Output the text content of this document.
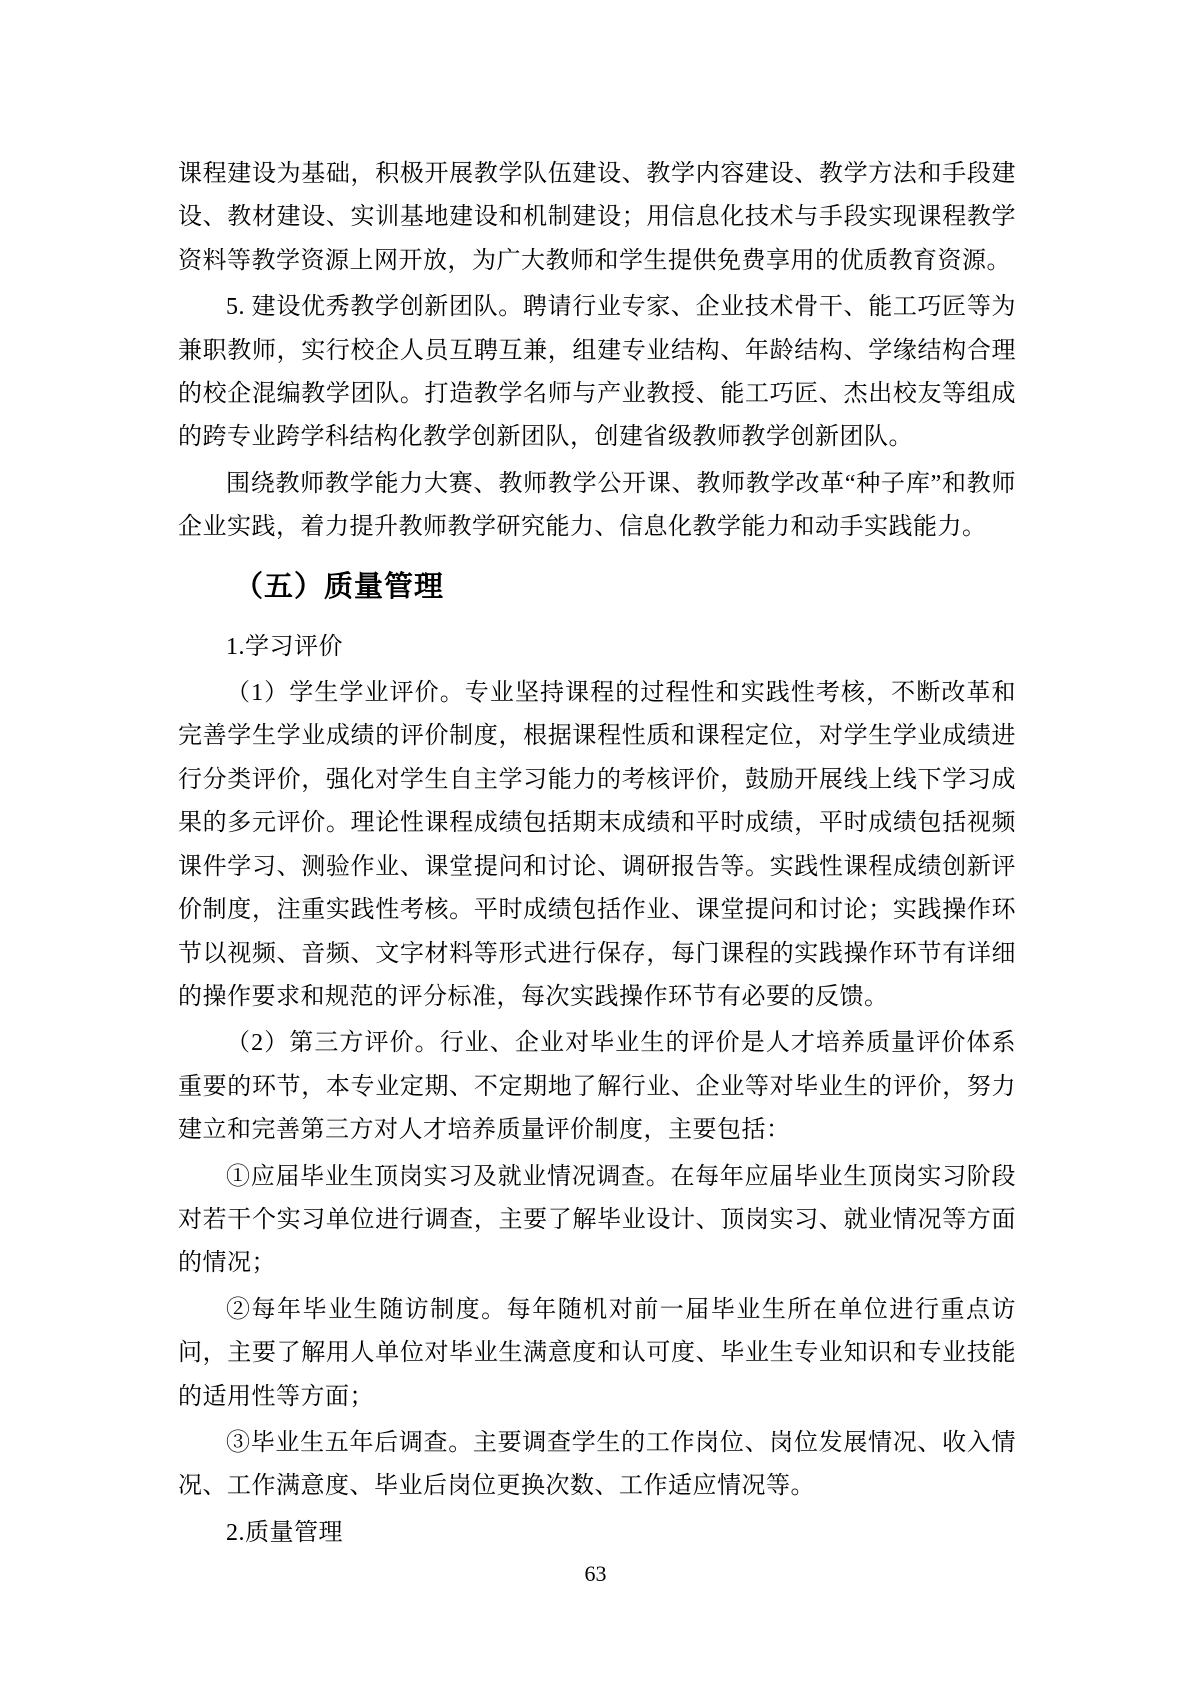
课程建设为基础，积极开展教学队伍建设、教学内容建设、教学方法和手段建设、教材建设、实训基地建设和机制建设；用信息化技术与手段实现课程教学资料等教学资源上网开放，为广大教师和学生提供免费享用的优质教育资源。

5. 建设优秀教学创新团队。聘请行业专家、企业技术骨干、能工巧匠等为兼职教师，实行校企人员互聘互兼，组建专业结构、年龄结构、学缘结构合理的校企混编教学团队。打造教学名师与产业教授、能工巧匠、杰出校友等组成的跨专业跨学科结构化教学创新团队，创建省级教师教学创新团队。

围绕教师教学能力大赛、教师教学公开课、教师教学改革“种子库”和教师企业实践，着力提升教师教学研究能力、信息化教学能力和动手实践能力。

（五）质量管理

1.学习评价

（1）学生学业评价。专业坚持课程的过程性和实践性考核，不断改革和完善学生学业成绩的评价制度，根据课程性质和课程定位，对学生学业成绩进行分类评价，强化对学生自主学习能力的考核评价，鼓励开展线上线下学习成果的多元评价。理论性课程成绩包括期末成绩和平时成绩，平时成绩包括视频课件学习、测验作业、课堂提问和讨论、调研报告等。实践性课程成绩创新评价制度，注重实践性考核。平时成绩包括作业、课堂提问和讨论；实践操作环节以视频、音频、文字材料等形式进行保存，每门课程的实践操作环节有详细的操作要求和规范的评分标准，每次实践操作环节有必要的反馈。

（2）第三方评价。行业、企业对毕业生的评价是人才培养质量评价体系重要的环节，本专业定期、不定期地了解行业、企业等对毕业生的评价，努力建立和完善第三方对人才培养质量评价制度，主要包括：

①应届毕业生顶岗实习及就业情况调查。在每年应届毕业生顶岗实习阶段对若干个实习单位进行调查，主要了解毕业设计、顶岗实习、就业情况等方面的情况；

②每年毕业生随访制度。每年随机对前一届毕业生所在单位进行重点访问，主要了解用人单位对毕业生满意度和认可度、毕业生专业知识和专业技能的适用性等方面；

③毕业生五年后调查。主要调查学生的工作岗位、岗位发展情况、收入情况、工作满意度、毕业后岗位更换次数、工作适应情况等。

2.质量管理

63
